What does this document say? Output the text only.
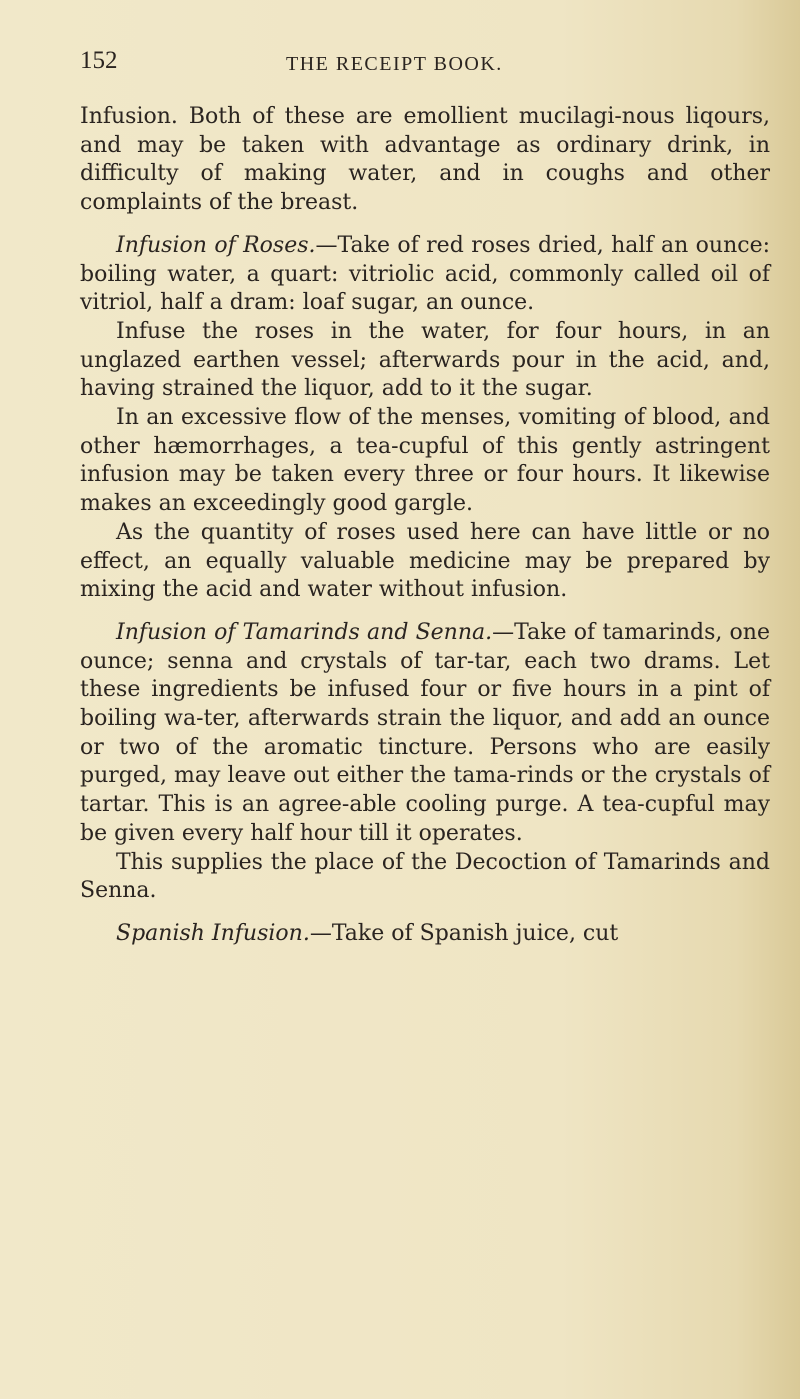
152	THE RECEIPT BOOK.

Infusion. Both of these are emollient mucilagi-nous liqours, and may be taken with advantage as ordinary drink, in difficulty of making water, and in coughs and other complaints of the breast.

Infusion of Roses.—Take of red roses dried, half an ounce: boiling water, a quart: vitriolic acid, commonly called oil of vitriol, half a dram: loaf sugar, an ounce.

Infuse the roses in the water, for four hours, in an unglazed earthen vessel; afterwards pour in the acid, and, having strained the liquor, add to it the sugar.

In an excessive flow of the menses, vomiting of blood, and other hæmorrhages, a tea-cupful of this gently astringent infusion may be taken every three or four hours. It likewise makes an exceedingly good gargle.

As the quantity of roses used here can have little or no effect, an equally valuable medicine may be prepared by mixing the acid and water without infusion.

Infusion of Tamarinds and Senna.—Take of tamarinds, one ounce; senna and crystals of tar-tar, each two drams. Let these ingredients be infused four or five hours in a pint of boiling wa-ter, afterwards strain the liquor, and add an ounce or two of the aromatic tincture. Persons who are easily purged, may leave out either the tama-rinds or the crystals of tartar. This is an agree-able cooling purge. A tea-cupful may be given every half hour till it operates.

This supplies the place of the Decoction of Tamarinds and Senna.

Spanish Infusion.—Take of Spanish juice, cut
